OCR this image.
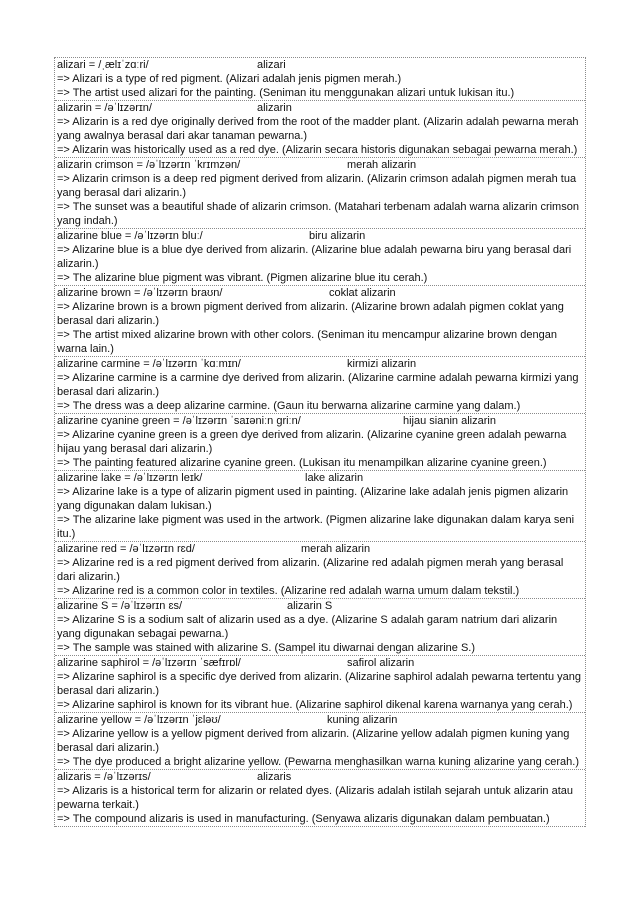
alizari = /ˌælɪˈzɑːri/	alizari
=> Alizari is a type of red pigment. (Alizari adalah jenis pigmen merah.)
=> The artist used alizari for the painting. (Seniman itu menggunakan alizari untuk lukisan itu.)
alizarin = /əˈlɪzərɪn/	alizarin
=> Alizarin is a red dye originally derived from the root of the madder plant. (Alizarin adalah pewarna merah yang awalnya berasal dari akar tanaman pewarna.)
=> Alizarin was historically used as a red dye. (Alizarin secara historis digunakan sebagai pewarna merah.)
alizarin crimson = /əˈlɪzərɪn ˈkrɪmzən/	merah alizarin
=> Alizarin crimson is a deep red pigment derived from alizarin. (Alizarin crimson adalah pigmen merah tua yang berasal dari alizarin.)
=> The sunset was a beautiful shade of alizarin crimson. (Matahari terbenam adalah warna alizarin crimson yang indah.)
alizarine blue = /əˈlɪzərɪn bluː/	biru alizarin
=> Alizarine blue is a blue dye derived from alizarin. (Alizarine blue adalah pewarna biru yang berasal dari alizarin.)
=> The alizarine blue pigment was vibrant. (Pigmen alizarine blue itu cerah.)
alizarine brown = /əˈlɪzərɪn braʊn/	coklat alizarin
=> Alizarine brown is a brown pigment derived from alizarin. (Alizarine brown adalah pigmen coklat yang berasal dari alizarin.)
=> The artist mixed alizarine brown with other colors. (Seniman itu mencampur alizarine brown dengan warna lain.)
alizarine carmine = /əˈlɪzərɪn ˈkɑːmɪn/	kirmizi alizarin
=> Alizarine carmine is a carmine dye derived from alizarin. (Alizarine carmine adalah pewarna kirmizi yang berasal dari alizarin.)
=> The dress was a deep alizarine carmine. (Gaun itu berwarna alizarine carmine yang dalam.)
alizarine cyanine green = /əˈlɪzərɪn ˈsaɪəniːn griːn/	hijau sianin alizarin
=> Alizarine cyanine green is a green dye derived from alizarin. (Alizarine cyanine green adalah pewarna hijau yang berasal dari alizarin.)
=> The painting featured alizarine cyanine green. (Lukisan itu menampilkan alizarine cyanine green.)
alizarine lake = /əˈlɪzərɪn leɪk/	lake alizarin
=> Alizarine lake is a type of alizarin pigment used in painting. (Alizarine lake adalah jenis pigmen alizarin yang digunakan dalam lukisan.)
=> The alizarine lake pigment was used in the artwork. (Pigmen alizarine lake digunakan dalam karya seni itu.)
alizarine red = /əˈlɪzərɪn rɛd/	merah alizarin
=> Alizarine red is a red pigment derived from alizarin. (Alizarine red adalah pigmen merah yang berasal dari alizarin.)
=> Alizarine red is a common color in textiles. (Alizarine red adalah warna umum dalam tekstil.)
alizarine S = /əˈlɪzərɪn ɛs/	alizarin S
=> Alizarine S is a sodium salt of alizarin used as a dye. (Alizarine S adalah garam natrium dari alizarin yang digunakan sebagai pewarna.)
=> The sample was stained with alizarine S. (Sampel itu diwarnai dengan alizarine S.)
alizarine saphirol = /əˈlɪzərɪn ˈsæfɪrɒl/	safirol alizarin
=> Alizarine saphirol is a specific dye derived from alizarin. (Alizarine saphirol adalah pewarna tertentu yang berasal dari alizarin.)
=> Alizarine saphirol is known for its vibrant hue. (Alizarine saphirol dikenal karena warnanya yang cerah.)
alizarine yellow = /əˈlɪzərɪn ˈjɛləʊ/	kuning alizarin
=> Alizarine yellow is a yellow pigment derived from alizarin. (Alizarine yellow adalah pigmen kuning yang berasal dari alizarin.)
=> The dye produced a bright alizarine yellow. (Pewarna menghasilkan warna kuning alizarine yang cerah.)
alizaris = /əˈlɪzərɪs/	alizaris
=> Alizaris is a historical term for alizarin or related dyes. (Alizaris adalah istilah sejarah untuk alizarin atau pewarna terkait.)
=> The compound alizaris is used in manufacturing. (Senyawa alizaris digunakan dalam pembuatan.)
